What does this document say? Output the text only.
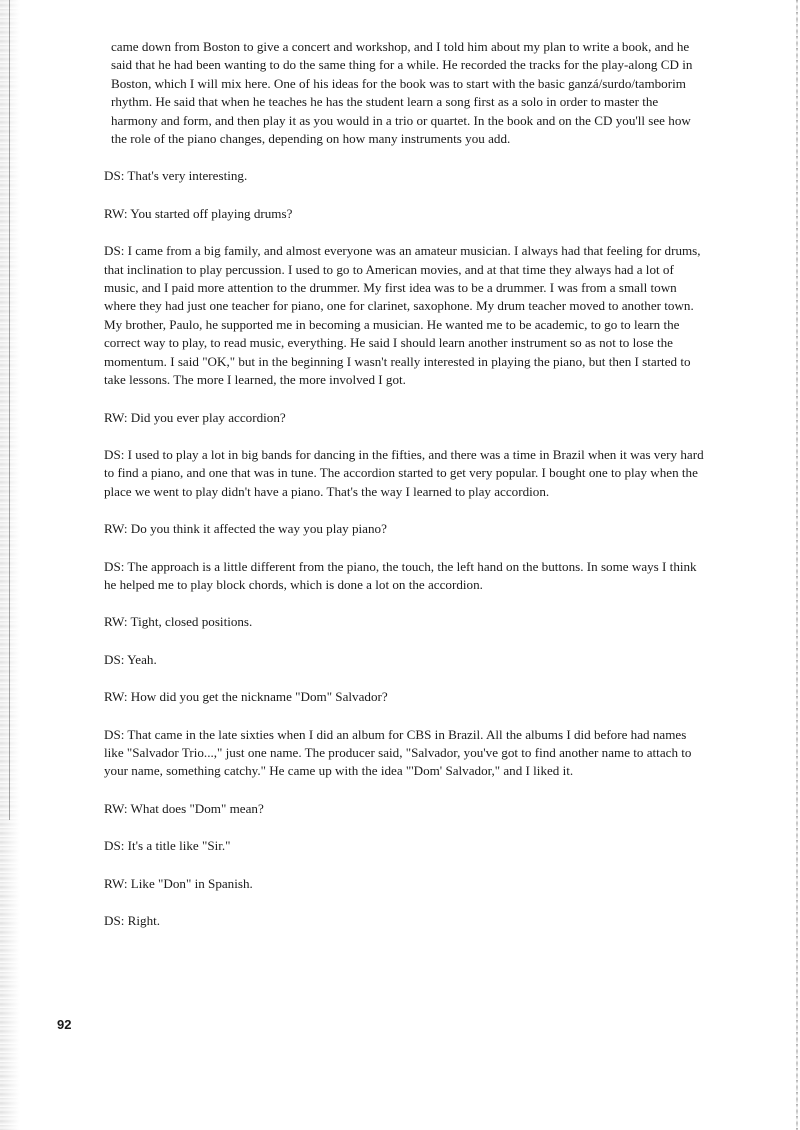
came down from Boston to give a concert and workshop, and I told him about my plan to write a book, and he said that he had been wanting to do the same thing for a while. He recorded the tracks for the play-along CD in Boston, which I will mix here. One of his ideas for the book was to start with the basic ganzá/surdo/tamborim rhythm. He said that when he teaches he has the student learn a song first as a solo in order to master the harmony and form, and then play it as you would in a trio or quartet. In the book and on the CD you'll see how the role of the piano changes, depending on how many instruments you add.

DS: That's very interesting.

RW: You started off playing drums?

DS: I came from a big family, and almost everyone was an amateur musician. I always had that feeling for drums, that inclination to play percussion. I used to go to American movies, and at that time they always had a lot of music, and I paid more attention to the drummer. My first idea was to be a drummer. I was from a small town where they had just one teacher for piano, one for clarinet, saxophone. My drum teacher moved to another town. My brother, Paulo, he supported me in becoming a musician. He wanted me to be academic, to go to learn the correct way to play, to read music, everything. He said I should learn another instrument so as not to lose the momentum. I said "OK," but in the beginning I wasn't really interested in playing the piano, but then I started to take lessons. The more I learned, the more involved I got.

RW: Did you ever play accordion?

DS: I used to play a lot in big bands for dancing in the fifties, and there was a time in Brazil when it was very hard to find a piano, and one that was in tune. The accordion started to get very popular. I bought one to play when the place we went to play didn't have a piano. That's the way I learned to play accordion.

RW: Do you think it affected the way you play piano?

DS: The approach is a little different from the piano, the touch, the left hand on the buttons. In some ways I think he helped me to play block chords, which is done a lot on the accordion.

RW: Tight, closed positions.

DS: Yeah.

RW: How did you get the nickname "Dom" Salvador?

DS: That came in the late sixties when I did an album for CBS in Brazil. All the albums I did before had names like "Salvador Trio...," just one name. The producer said, "Salvador, you've got to find another name to attach to your name, something catchy." He came up with the idea "'Dom' Salvador," and I liked it.

RW: What does "Dom" mean?

DS: It's a title like "Sir."

RW: Like "Don" in Spanish.

DS: Right.

92
